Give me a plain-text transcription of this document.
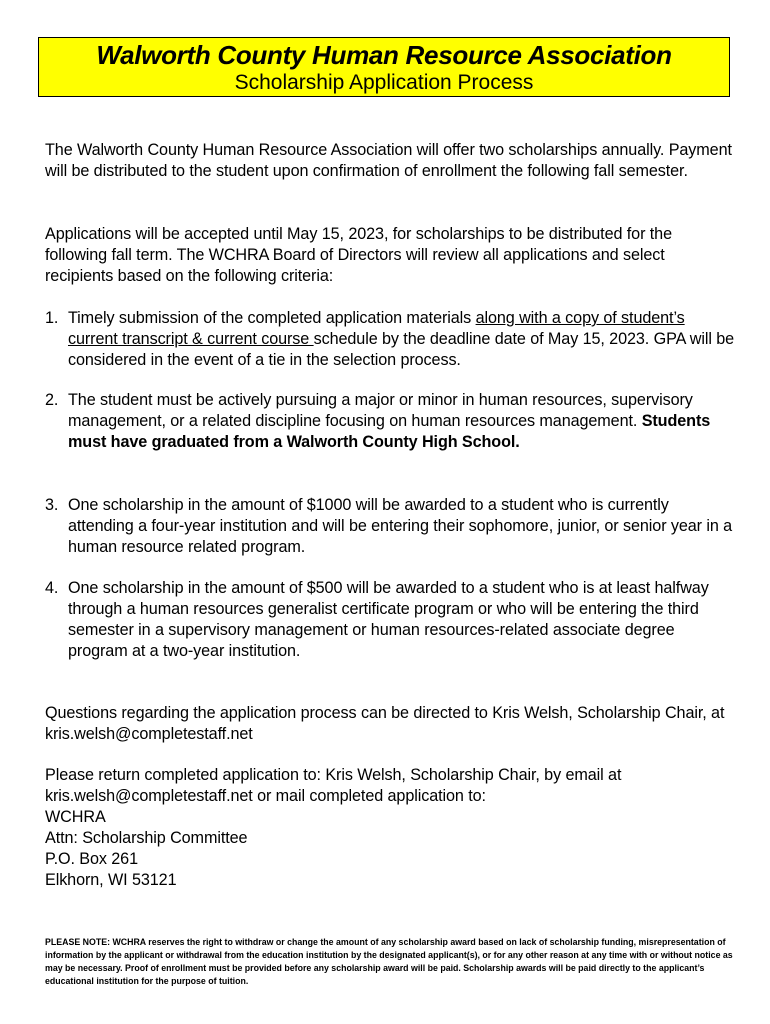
Walworth County Human Resource Association
Scholarship Application Process
The Walworth County Human Resource Association will offer two scholarships annually. Payment will be distributed to the student upon confirmation of enrollment the following fall semester.
Applications will be accepted until May 15, 2023, for scholarships to be distributed for the following fall term. The WCHRA Board of Directors will review all applications and select recipients based on the following criteria:
1. Timely submission of the completed application materials along with a copy of student’s current transcript & current course schedule by the deadline date of May 15, 2023. GPA will be considered in the event of a tie in the selection process.
2. The student must be actively pursuing a major or minor in human resources, supervisory management, or a related discipline focusing on human resources management. Students must have graduated from a Walworth County High School.
3. One scholarship in the amount of $1000 will be awarded to a student who is currently attending a four-year institution and will be entering their sophomore, junior, or senior year in a human resource related program.
4. One scholarship in the amount of $500 will be awarded to a student who is at least halfway through a human resources generalist certificate program or who will be entering the third semester in a supervisory management or human resources-related associate degree program at a two-year institution.
Questions regarding the application process can be directed to Kris Welsh, Scholarship Chair, at kris.welsh@completestaff.net
Please return completed application to: Kris Welsh, Scholarship Chair, by email at kris.welsh@completestaff.net or mail completed application to:
WCHRA
Attn: Scholarship Committee
P.O. Box 261
Elkhorn, WI 53121
PLEASE NOTE: WCHRA reserves the right to withdraw or change the amount of any scholarship award based on lack of scholarship funding, misrepresentation of information by the applicant or withdrawal from the education institution by the designated applicant(s), or for any other reason at any time with or without notice as may be necessary. Proof of enrollment must be provided before any scholarship award will be paid. Scholarship awards will be paid directly to the applicant’s educational institution for the purpose of tuition.
